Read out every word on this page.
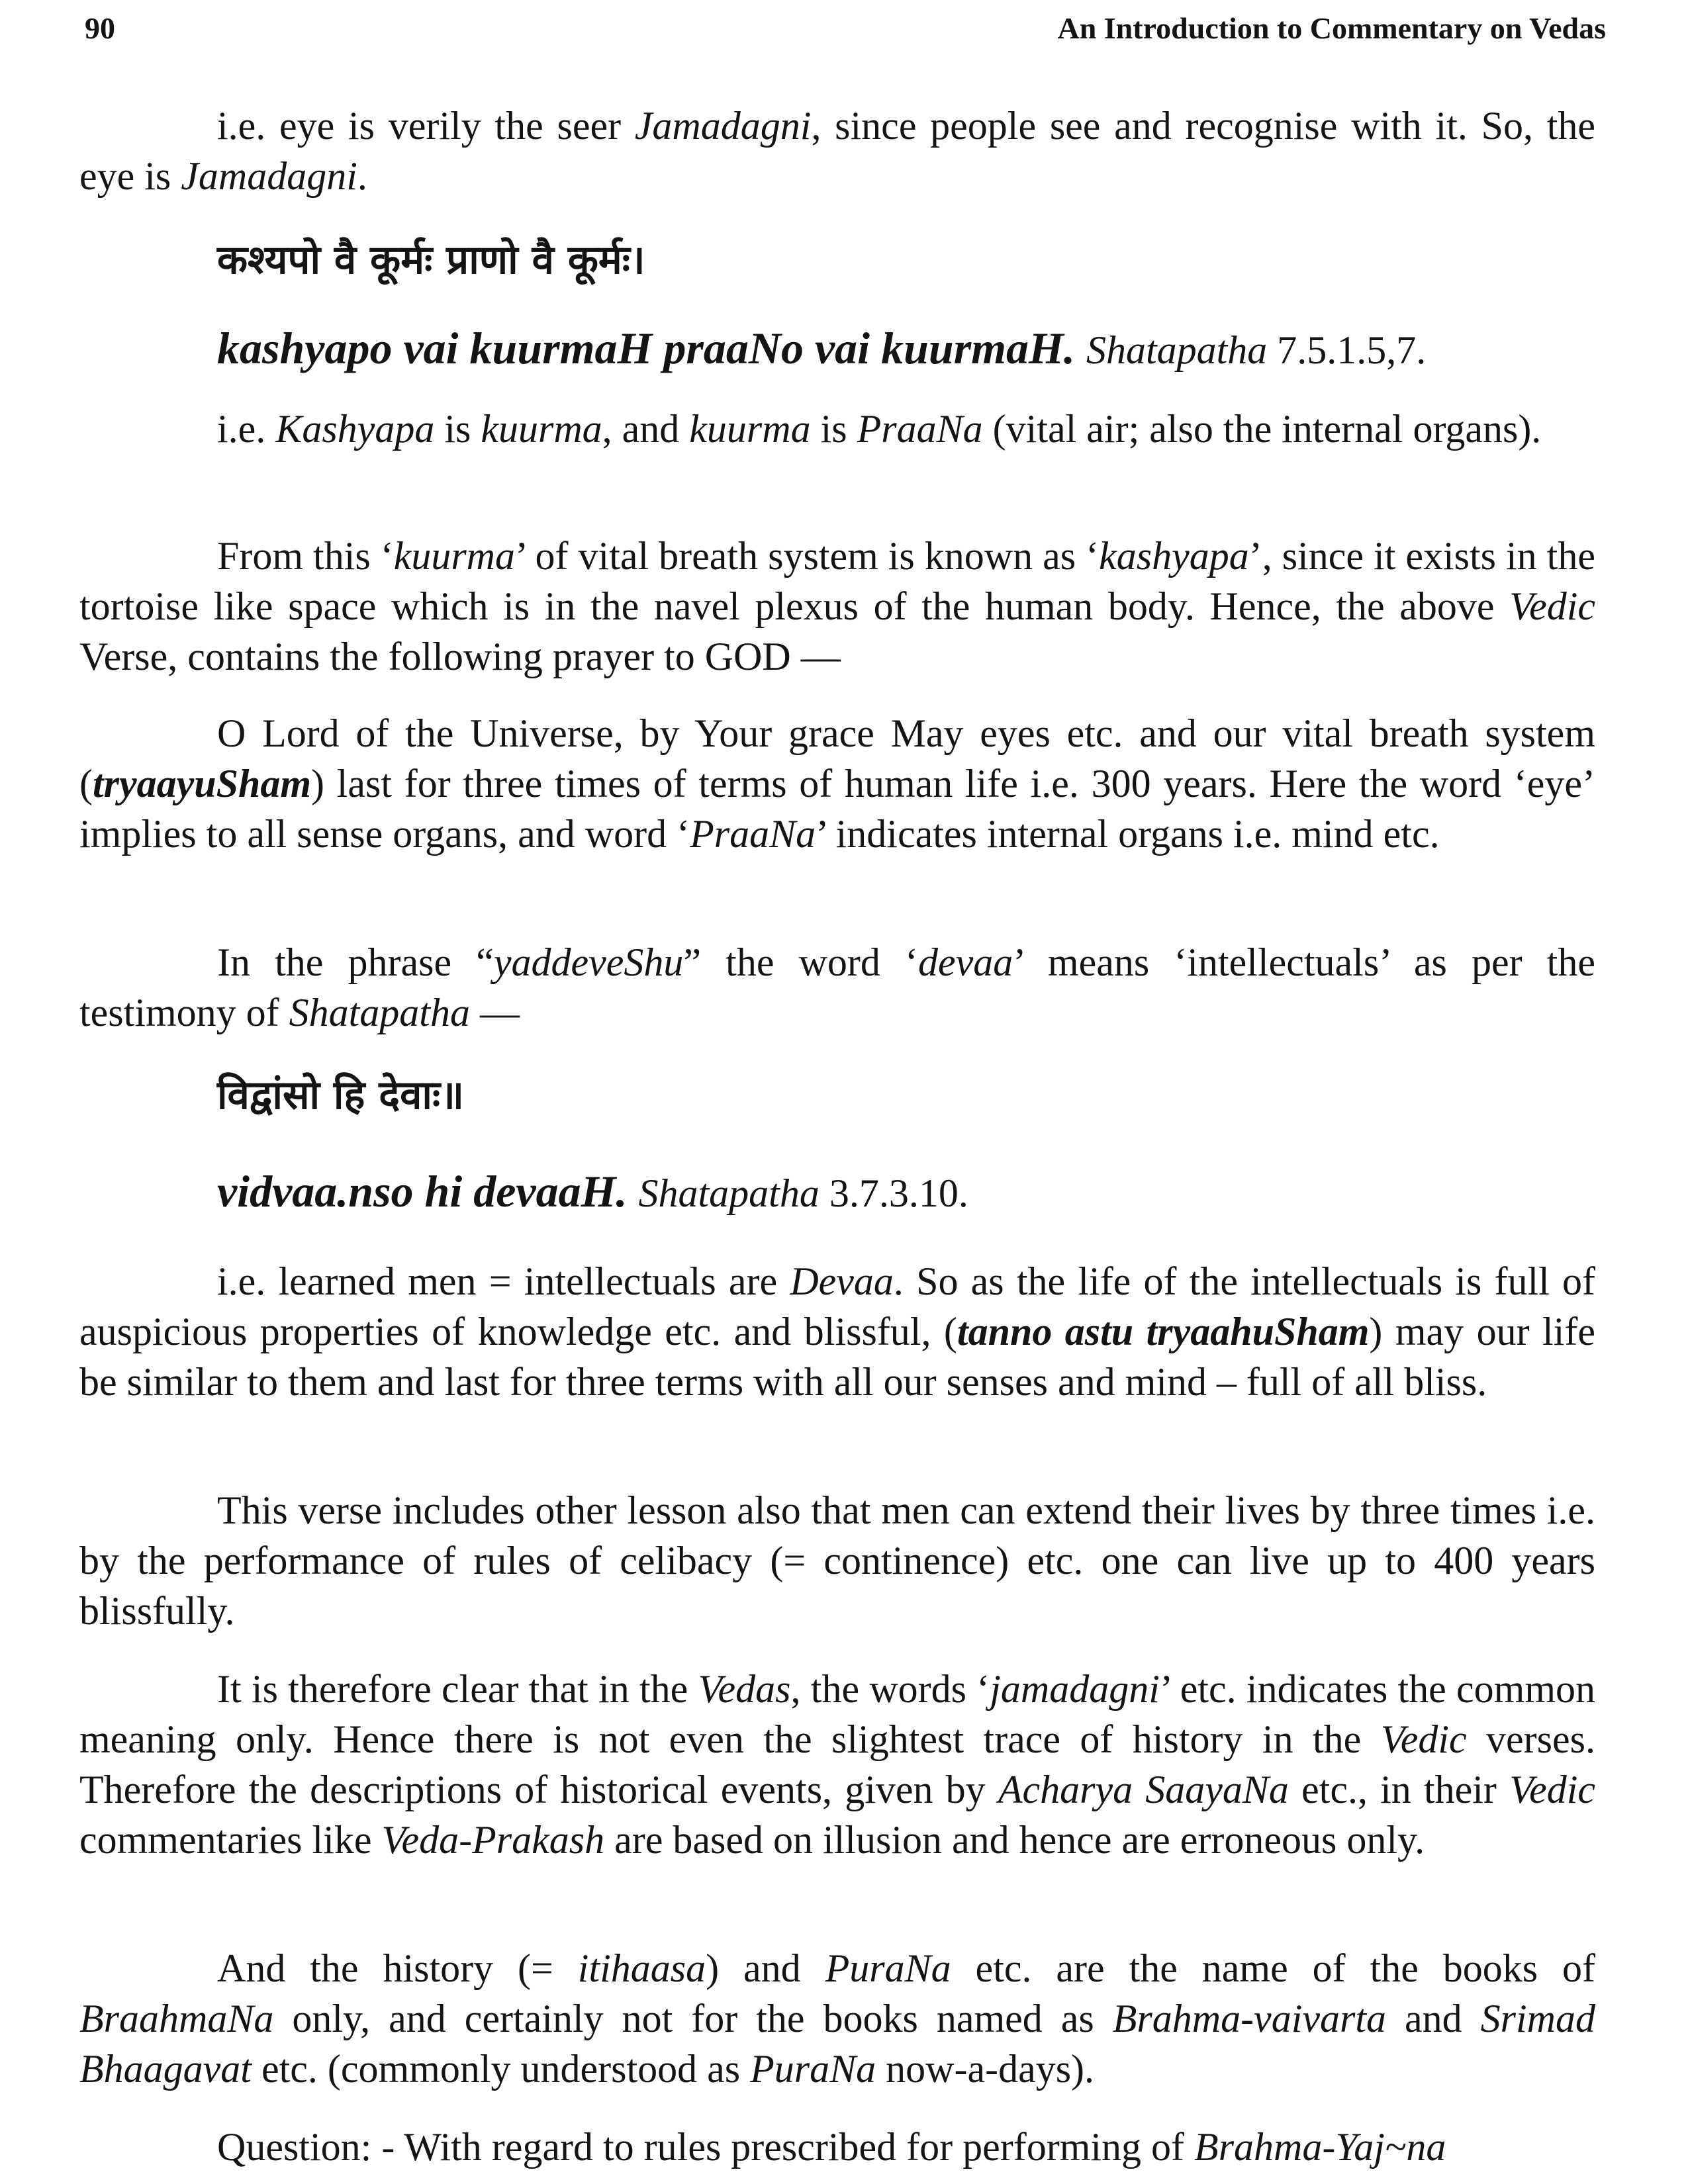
90	An Introduction to Commentary on Vedas

i.e. eye is verily the seer Jamadagni, since people see and recognise with it. So, the eye is Jamadagni.

कश्यपो वै कूर्मः प्राणो वै कूर्मः।
kashyapo vai kuurmaH praaNo vai kuurmaH. Shatapatha 7.5.1.5,7.

i.e. Kashyapa is kuurma, and kuurma is PraaNa (vital air; also the internal organs).

From this ‘kuurma’ of vital breath system is known as ‘kashyapa’, since it exists in the tortoise like space which is in the navel plexus of the human body. Hence, the above Vedic Verse, contains the following prayer to GOD —

O Lord of the Universe, by Your grace May eyes etc. and our vital breath system (tryaayuSham) last for three times of terms of human life i.e. 300 years. Here the word ‘eye’ implies to all sense organs, and word ‘PraaNa’ indicates internal organs i.e. mind etc.

In the phrase “yaddeveShu” the word ‘devaa’ means ‘intellectuals’ as per the testimony of Shatapatha —

विद्वांसो हि देवाः॥
vidvaa.nso hi devaaH. Shatapatha 3.7.3.10.

i.e. learned men = intellectuals are Devaa. So as the life of the intellectuals is full of auspicious properties of knowledge etc. and blissful, (tanno astu tryaahuSham) may our life be similar to them and last for three terms with all our senses and mind – full of all bliss.

This verse includes other lesson also that men can extend their lives by three times i.e. by the performance of rules of celibacy (= continence) etc. one can live up to 400 years blissfully.

It is therefore clear that in the Vedas, the words ‘jamadagni’ etc. indicates the common meaning only. Hence there is not even the slightest trace of history in the Vedic verses. Therefore the descriptions of historical events, given by Acharya SaayaNa etc., in their Vedic commentaries like Veda-Prakash are based on illusion and hence are erroneous only.

And the history (= itihaasa) and PuraNa etc. are the name of the books of BraahmaNa only, and certainly not for the books named as Brahma-vaivarta and Srimad Bhaagavat etc. (commonly understood as PuraNa now-a-days).

Question: - With regard to rules prescribed for performing of Brahma-Yaj~na
